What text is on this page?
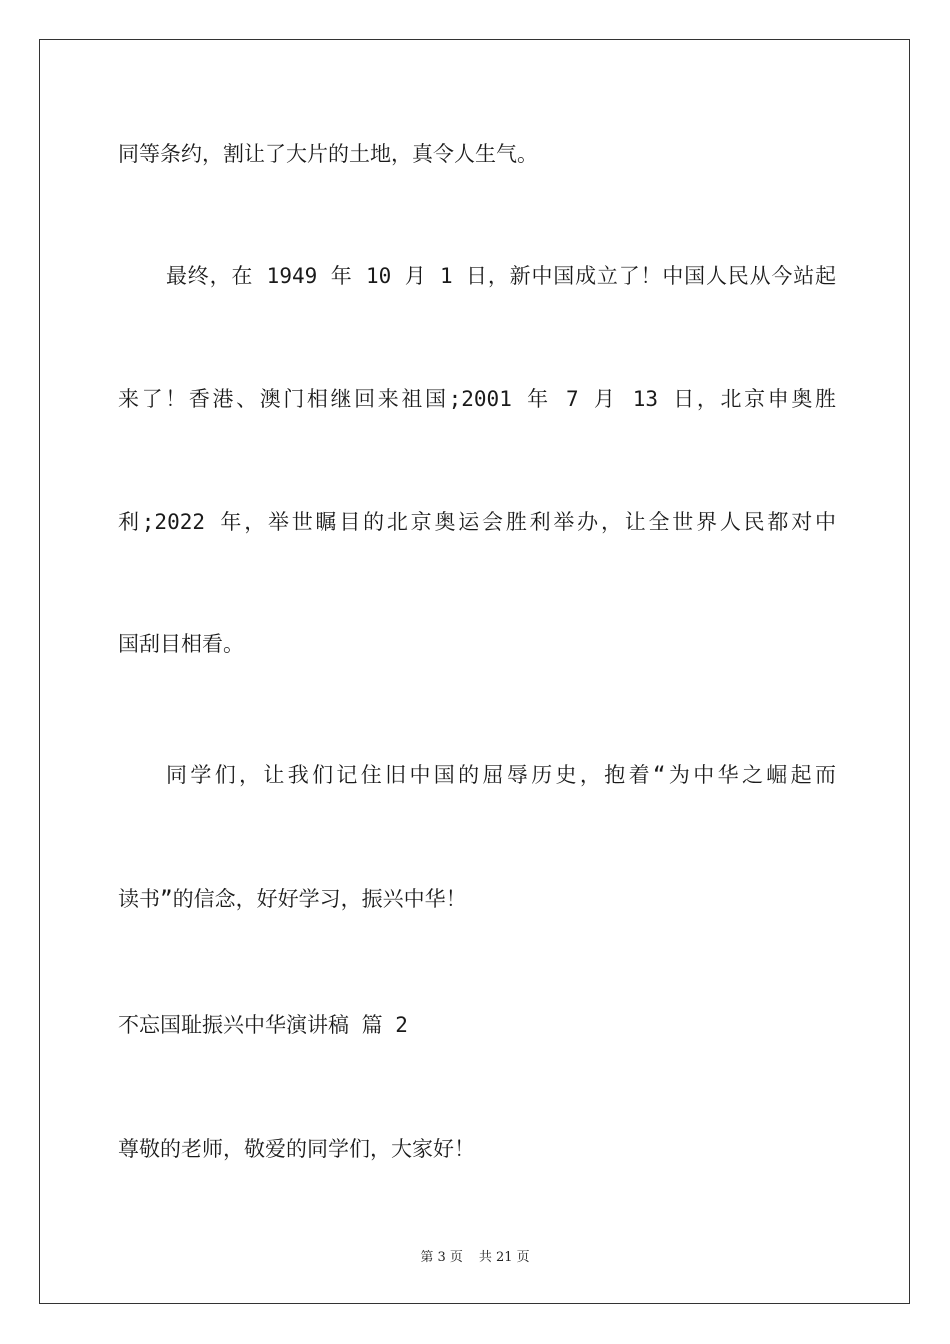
同等条约，割让了大片的土地，真令人生气。
最终，在 1949 年 10 月 1 日，新中国成立了！中国人民从今站起
来了！香港、澳门相继回来祖国;2001 年 7 月 13 日，北京申奥胜
利;2022 年，举世瞩目的北京奥运会胜利举办，让全世界人民都对中
国刮目相看。
同学们，让我们记住旧中国的屈辱历史，抱着“为中华之崛起而
读书”的信念，好好学习，振兴中华！
不忘国耻振兴中华演讲稿 篇 2
尊敬的老师，敬爱的同学们，大家好！
第 3 页 共 21 页
